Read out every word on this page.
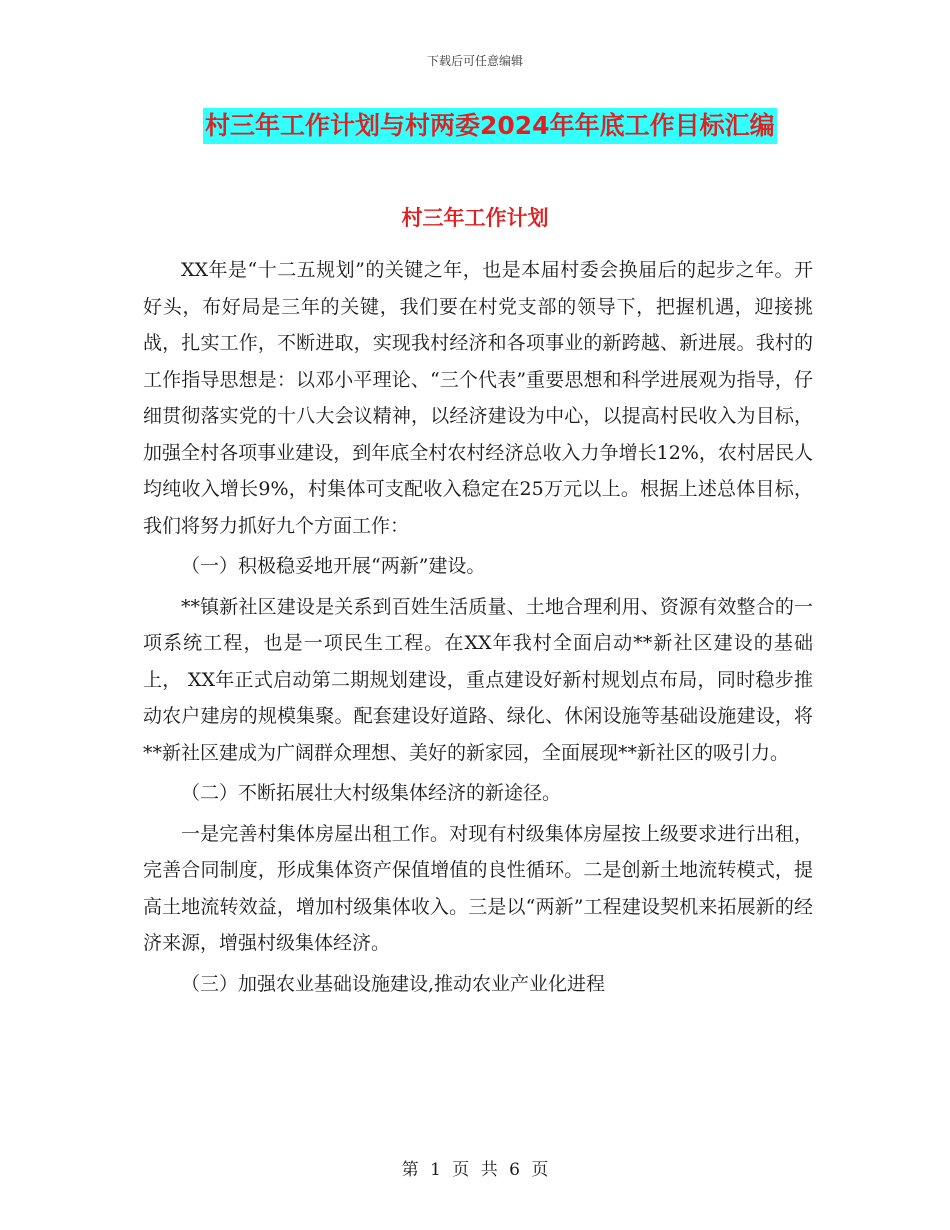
下载后可任意编辑
村三年工作计划与村两委2024年年底工作目标汇编
村三年工作计划

XX年是“十二五规划”的关键之年，也是本届村委会换届后的起步之年。开好头，布好局是三年的关键，我们要在村党支部的领导下，把握机遇，迎接挑战，扎实工作，不断进取，实现我村经济和各项事业的新跨越、新进展。我村的工作指导思想是：以邓小平理论、“三个代表”重要思想和科学进展观为指导，仔细贯彻落实党的十八大会议精神，以经济建设为中心，以提高村民收入为目标，加强全村各项事业建设，到年底全村农村经济总收入力争增长12%，农村居民人均纯收入增长9%，村集体可支配收入稳定在25万元以上。根据上述总体目标，我们将努力抓好九个方面工作：

（一）积极稳妥地开展“两新”建设。

**镇新社区建设是关系到百姓生活质量、土地合理利用、资源有效整合的一项系统工程，也是一项民生工程。在XX年我村全面启动**新社区建设的基础上， XX年正式启动第二期规划建设，重点建设好新村规划点布局，同时稳步推动农户建房的规模集聚。配套建设好道路、绿化、休闲设施等基础设施建设，将**新社区建成为广阔群众理想、美好的新家园，全面展现**新社区的吸引力。

（二）不断拓展壮大村级集体经济的新途径。

一是完善村集体房屋出租工作。对现有村级集体房屋按上级要求进行出租，完善合同制度，形成集体资产保值增值的良性循环。二是创新土地流转模式，提高土地流转效益，增加村级集体收入。三是以“两新”工程建设契机来拓展新的经济来源，增强村级集体经济。

（三）加强农业基础设施建设,推动农业产业化进程

第 1 页 共 6 页
